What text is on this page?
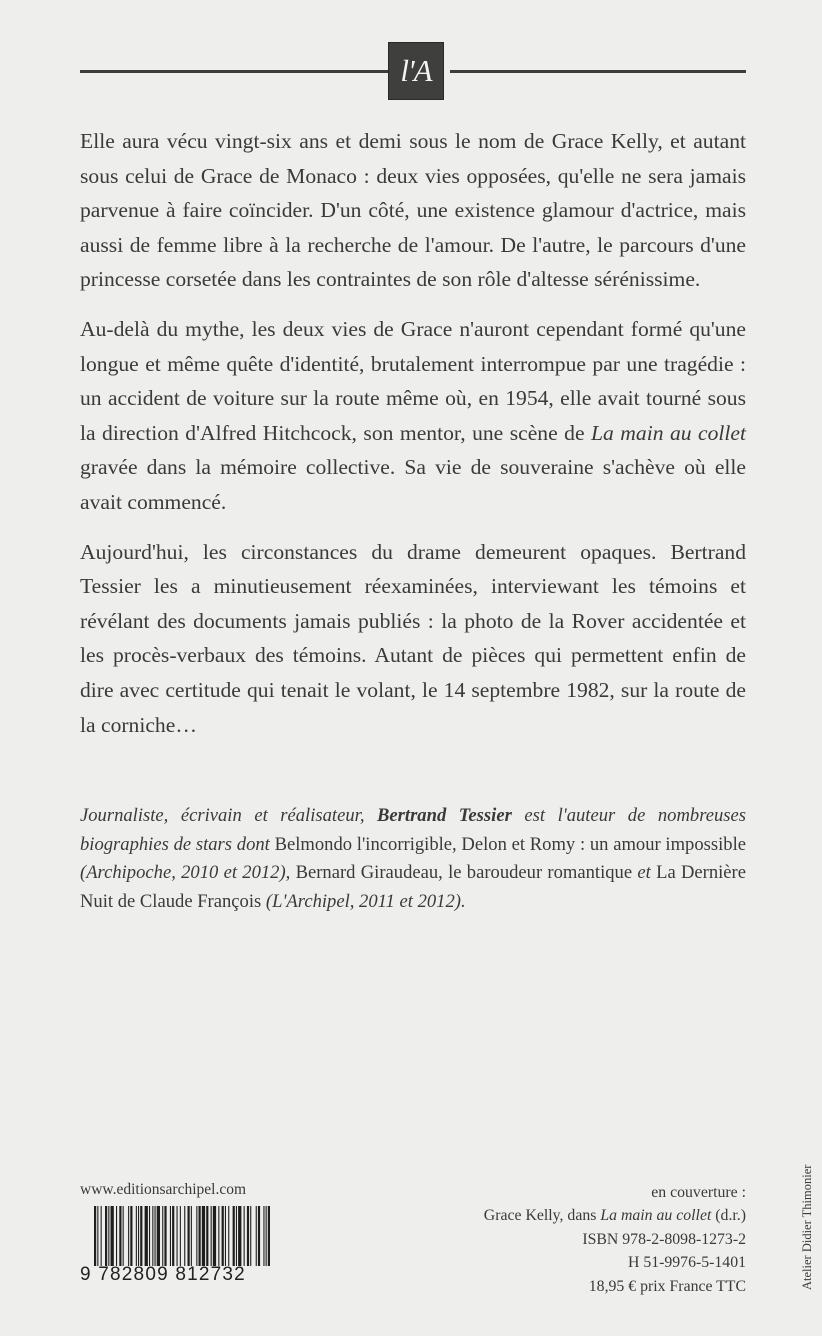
l'A

Elle aura vécu vingt-six ans et demi sous le nom de Grace Kelly, et autant sous celui de Grace de Monaco : deux vies opposées, qu'elle ne sera jamais parvenue à faire coïncider. D'un côté, une existence glamour d'actrice, mais aussi de femme libre à la recherche de l'amour. De l'autre, le parcours d'une princesse corsetée dans les contraintes de son rôle d'altesse sérénissime.

Au-delà du mythe, les deux vies de Grace n'auront cependant formé qu'une longue et même quête d'identité, brutalement interrompue par une tragédie : un accident de voiture sur la route même où, en 1954, elle avait tourné sous la direction d'Alfred Hitchcock, son mentor, une scène de La main au collet gravée dans la mémoire collective. Sa vie de souveraine s'achève où elle avait commencé.

Aujourd'hui, les circonstances du drame demeurent opaques. Bertrand Tessier les a minutieusement réexaminées, interviewant les témoins et révélant des documents jamais publiés : la photo de la Rover accidentée et les procès-verbaux des témoins. Autant de pièces qui permettent enfin de dire avec certitude qui tenait le volant, le 14 septembre 1982, sur la route de la corniche…

Journaliste, écrivain et réalisateur, Bertrand Tessier est l'auteur de nombreuses biographies de stars dont Belmondo l'incorrigible, Delon et Romy : un amour impossible (Archipoche, 2010 et 2012), Bernard Giraudeau, le baroudeur romantique et La Dernière Nuit de Claude François (L'Archipel, 2011 et 2012).

www.editionsarchipel.com
9 782809 812732
en couverture :
Grace Kelly, dans La main au collet (d.r.)
ISBN 978-2-8098-1273-2
H 51-9976-5-1401
18,95 € prix France TTC	Atelier Didier Thimonier
